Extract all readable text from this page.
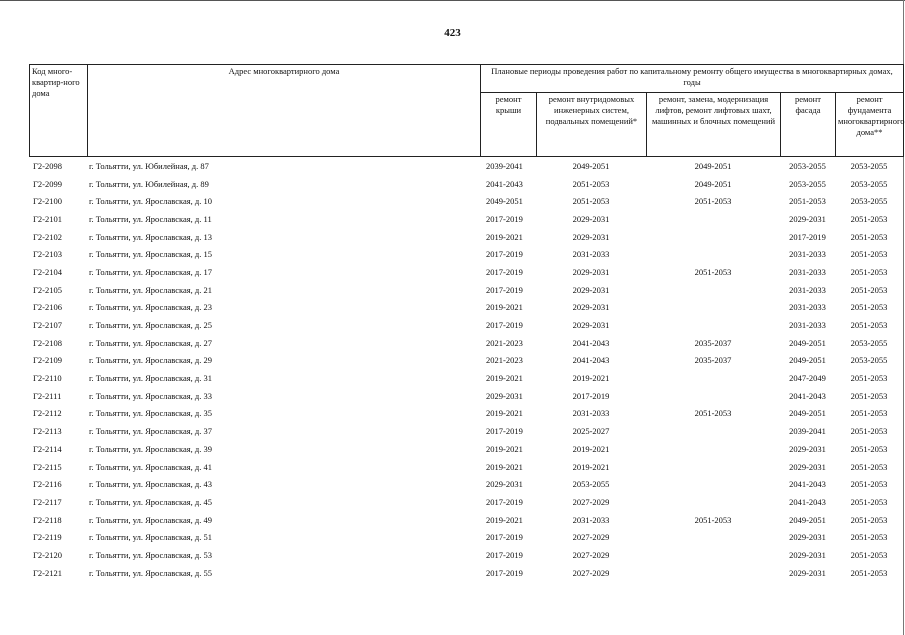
423
Код много-квартир-ного дома	Адрес многоквартирного дома	Плановые периоды проведения работ по капитальному ремонту общего имущества в многоквартирных домах, годы				
		ремонт крыши	ремонт внутридомовых инженерных систем, подвальных помещений*	ремонт, замена, модернизация лифтов, ремонт лифтовых шахт, машинных и блочных помещений	ремонт фасада	ремонт фундамента многоквартирного дома**
Г2-2098	г. Тольятти, ул. Юбилейная, д. 87	2039-2041	2049-2051	2049-2051	2053-2055	2053-2055
Г2-2099	г. Тольятти, ул. Юбилейная, д. 89	2041-2043	2051-2053	2049-2051	2053-2055	2053-2055
Г2-2100	г. Тольятти, ул. Ярославская, д. 10	2049-2051	2051-2053	2051-2053	2051-2053	2053-2055
Г2-2101	г. Тольятти, ул. Ярославская, д. 11	2017-2019	2029-2031		2029-2031	2051-2053
Г2-2102	г. Тольятти, ул. Ярославская, д. 13	2019-2021	2029-2031		2017-2019	2051-2053
Г2-2103	г. Тольятти, ул. Ярославская, д. 15	2017-2019	2031-2033		2031-2033	2051-2053
Г2-2104	г. Тольятти, ул. Ярославская, д. 17	2017-2019	2029-2031	2051-2053	2031-2033	2051-2053
Г2-2105	г. Тольятти, ул. Ярославская, д. 21	2017-2019	2029-2031		2031-2033	2051-2053
Г2-2106	г. Тольятти, ул. Ярославская, д. 23	2019-2021	2029-2031		2031-2033	2051-2053
Г2-2107	г. Тольятти, ул. Ярославская, д. 25	2017-2019	2029-2031		2031-2033	2051-2053
Г2-2108	г. Тольятти, ул. Ярославская, д. 27	2021-2023	2041-2043	2035-2037	2049-2051	2053-2055
Г2-2109	г. Тольятти, ул. Ярославская, д. 29	2021-2023	2041-2043	2035-2037	2049-2051	2053-2055
Г2-2110	г. Тольятти, ул. Ярославская, д. 31	2019-2021	2019-2021		2047-2049	2051-2053
Г2-2111	г. Тольятти, ул. Ярославская, д. 33	2029-2031	2017-2019		2041-2043	2051-2053
Г2-2112	г. Тольятти, ул. Ярославская, д. 35	2019-2021	2031-2033	2051-2053	2049-2051	2051-2053
Г2-2113	г. Тольятти, ул. Ярославская, д. 37	2017-2019	2025-2027		2039-2041	2051-2053
Г2-2114	г. Тольятти, ул. Ярославская, д. 39	2019-2021	2019-2021		2029-2031	2051-2053
Г2-2115	г. Тольятти, ул. Ярославская, д. 41	2019-2021	2019-2021		2029-2031	2051-2053
Г2-2116	г. Тольятти, ул. Ярославская, д. 43	2029-2031	2053-2055		2041-2043	2051-2053
Г2-2117	г. Тольятти, ул. Ярославская, д. 45	2017-2019	2027-2029		2041-2043	2051-2053
Г2-2118	г. Тольятти, ул. Ярославская, д. 49	2019-2021	2031-2033	2051-2053	2049-2051	2051-2053
Г2-2119	г. Тольятти, ул. Ярославская, д. 51	2017-2019	2027-2029		2029-2031	2051-2053
Г2-2120	г. Тольятти, ул. Ярославская, д. 53	2017-2019	2027-2029		2029-2031	2051-2053
Г2-2121	г. Тольятти, ул. Ярославская, д. 55	2017-2019	2027-2029		2029-2031	2051-2053
